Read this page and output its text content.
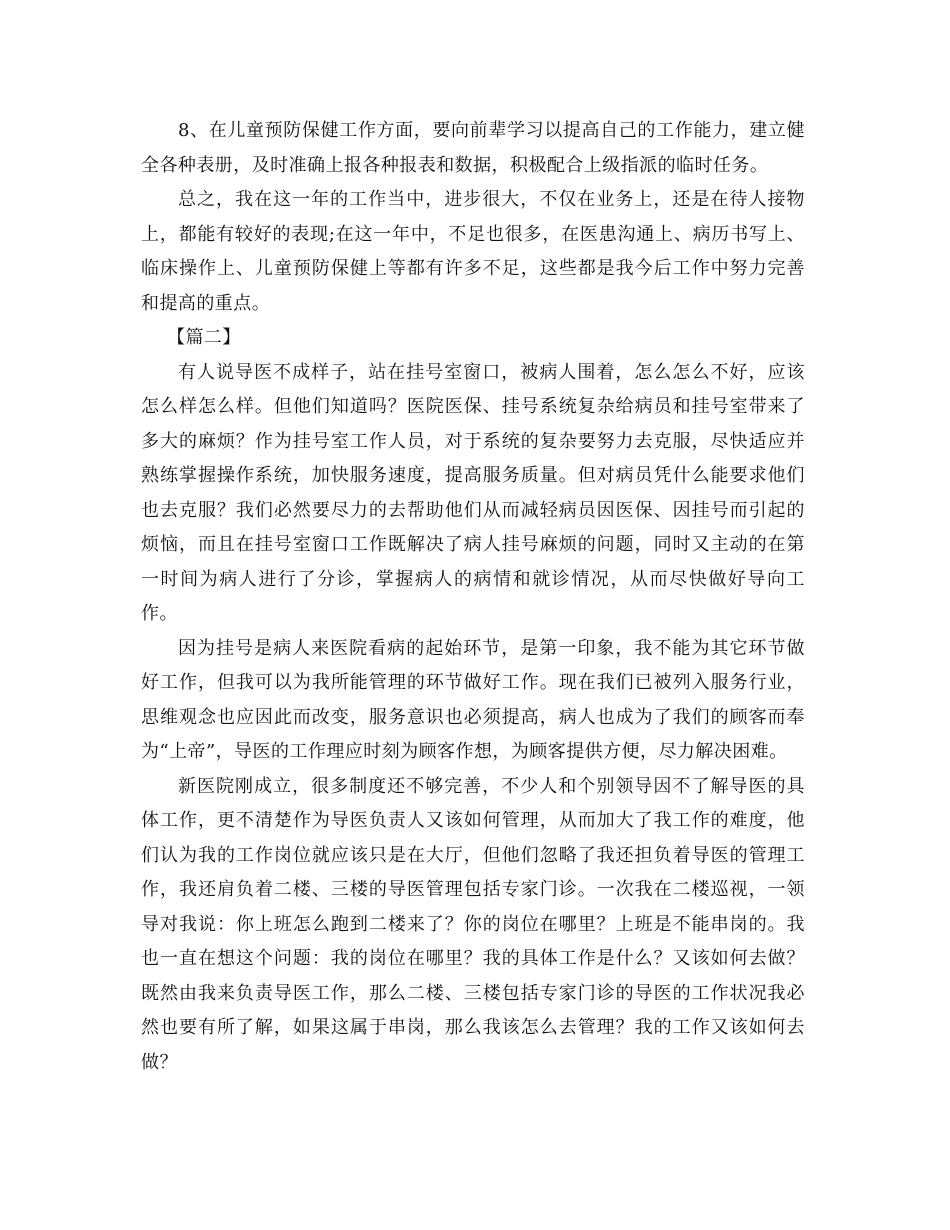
8、在儿童预防保健工作方面，要向前辈学习以提高自己的工作能力，建立健全各种表册，及时准确上报各种报表和数据，积极配合上级指派的临时任务。

总之，我在这一年的工作当中，进步很大，不仅在业务上，还是在待人接物上，都能有较好的表现;在这一年中，不足也很多，在医患沟通上、病历书写上、临床操作上、儿童预防保健上等都有许多不足，这些都是我今后工作中努力完善和提高的重点。

【篇二】

有人说导医不成样子，站在挂号室窗口，被病人围着，怎么怎么不好，应该怎么样怎么样。但他们知道吗？医院医保、挂号系统复杂给病员和挂号室带来了多大的麻烦？作为挂号室工作人员，对于系统的复杂要努力去克服，尽快适应并熟练掌握操作系统，加快服务速度，提高服务质量。但对病员凭什么能要求他们也去克服？我们必然要尽力的去帮助他们从而减轻病员因医保、因挂号而引起的烦恼，而且在挂号室窗口工作既解决了病人挂号麻烦的问题，同时又主动的在第一时间为病人进行了分诊，掌握病人的病情和就诊情况，从而尽快做好导向工作。

因为挂号是病人来医院看病的起始环节，是第一印象，我不能为其它环节做好工作，但我可以为我所能管理的环节做好工作。现在我们已被列入服务行业，思维观念也应因此而改变，服务意识也必须提高，病人也成为了我们的顾客而奉为“上帝”，导医的工作理应时刻为顾客作想，为顾客提供方便，尽力解决困难。

新医院刚成立，很多制度还不够完善，不少人和个别领导因不了解导医的具体工作，更不清楚作为导医负责人又该如何管理，从而加大了我工作的难度，他们认为我的工作岗位就应该只是在大厅，但他们忽略了我还担负着导医的管理工作，我还肩负着二楼、三楼的导医管理包括专家门诊。一次我在二楼巡视，一领导对我说：你上班怎么跑到二楼来了？你的岗位在哪里？上班是不能串岗的。我也一直在想这个问题：我的岗位在哪里？我的具体工作是什么？又该如何去做？既然由我来负责导医工作，那么二楼、三楼包括专家门诊的导医的工作状况我必然也要有所了解，如果这属于串岗，那么我该怎么去管理？我的工作又该如何去做？
